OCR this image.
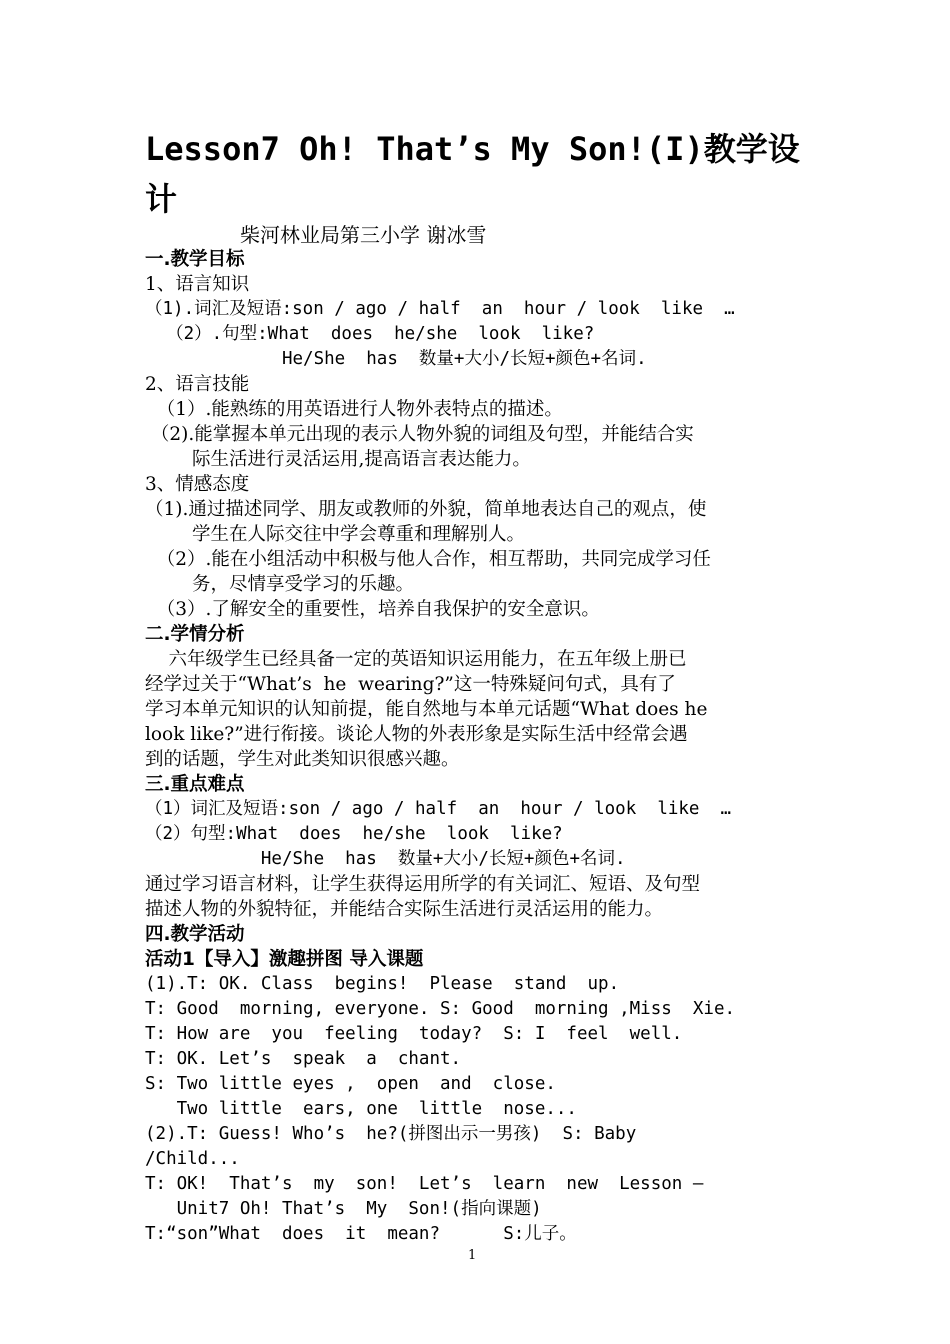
Lesson7 Oh! That’s My Son!(I)教学设
计
柴河林业局第三小学 谢冰雪
一.教学目标
1、语言知识
（1).词汇及短语:son / ago / half  an  hour / look  like  …
（2）.句型:What  does  he/she  look  like?
He/She  has  数量+大小/长短+颜色+名词.
2、语言技能
（1）.能熟练的用英语进行人物外表特点的描述。
（2).能掌握本单元出现的表示人物外貌的词组及句型，并能结合实
际生活进行灵活运用,提高语言表达能力。
3、情感态度
（1).通过描述同学、朋友或教师的外貌，简单地表达自己的观点，使
学生在人际交往中学会尊重和理解别人。
（2）.能在小组活动中积极与他人合作，相互帮助，共同完成学习任
务，尽情享受学习的乐趣。
（3）.了解安全的重要性，培养自我保护的安全意识。
二.学情分析
六年级学生已经具备一定的英语知识运用能力，在五年级上册已
经学过关于“What’s  he  wearing?”这一特殊疑问句式，具有了
学习本单元知识的认知前提，能自然地与本单元话题“What does he
look like?”进行衔接。谈论人物的外表形象是实际生活中经常会遇
到的话题，学生对此类知识很感兴趣。
三.重点难点
（1）词汇及短语:son / ago / half  an  hour / look  like  …
（2）句型:What  does  he/she  look  like?
He/She  has  数量+大小/长短+颜色+名词.
通过学习语言材料，让学生获得运用所学的有关词汇、短语、及句型
描述人物的外貌特征，并能结合实际生活进行灵活运用的能力。
四.教学活动
活动1【导入】激趣拼图 导入课题
(1).T: OK. Class  begins!  Please  stand  up.
T: Good  morning, everyone. S: Good  morning ,Miss  Xie.
T: How are  you  feeling  today?  S: I  feel  well.
T: OK. Let’s  speak  a  chant.
S: Two little eyes ,  open  and  close.
Two little  ears, one  little  nose...
(2).T: Guess! Who’s  he?(拼图出示一男孩)  S: Baby
/Child...
T: OK!  That’s  my  son!  Let’s  learn  new  Lesson —
Unit7 Oh! That’s  My  Son!(指向课题)
T:“son”What  does  it  mean?      S:儿子。
1
